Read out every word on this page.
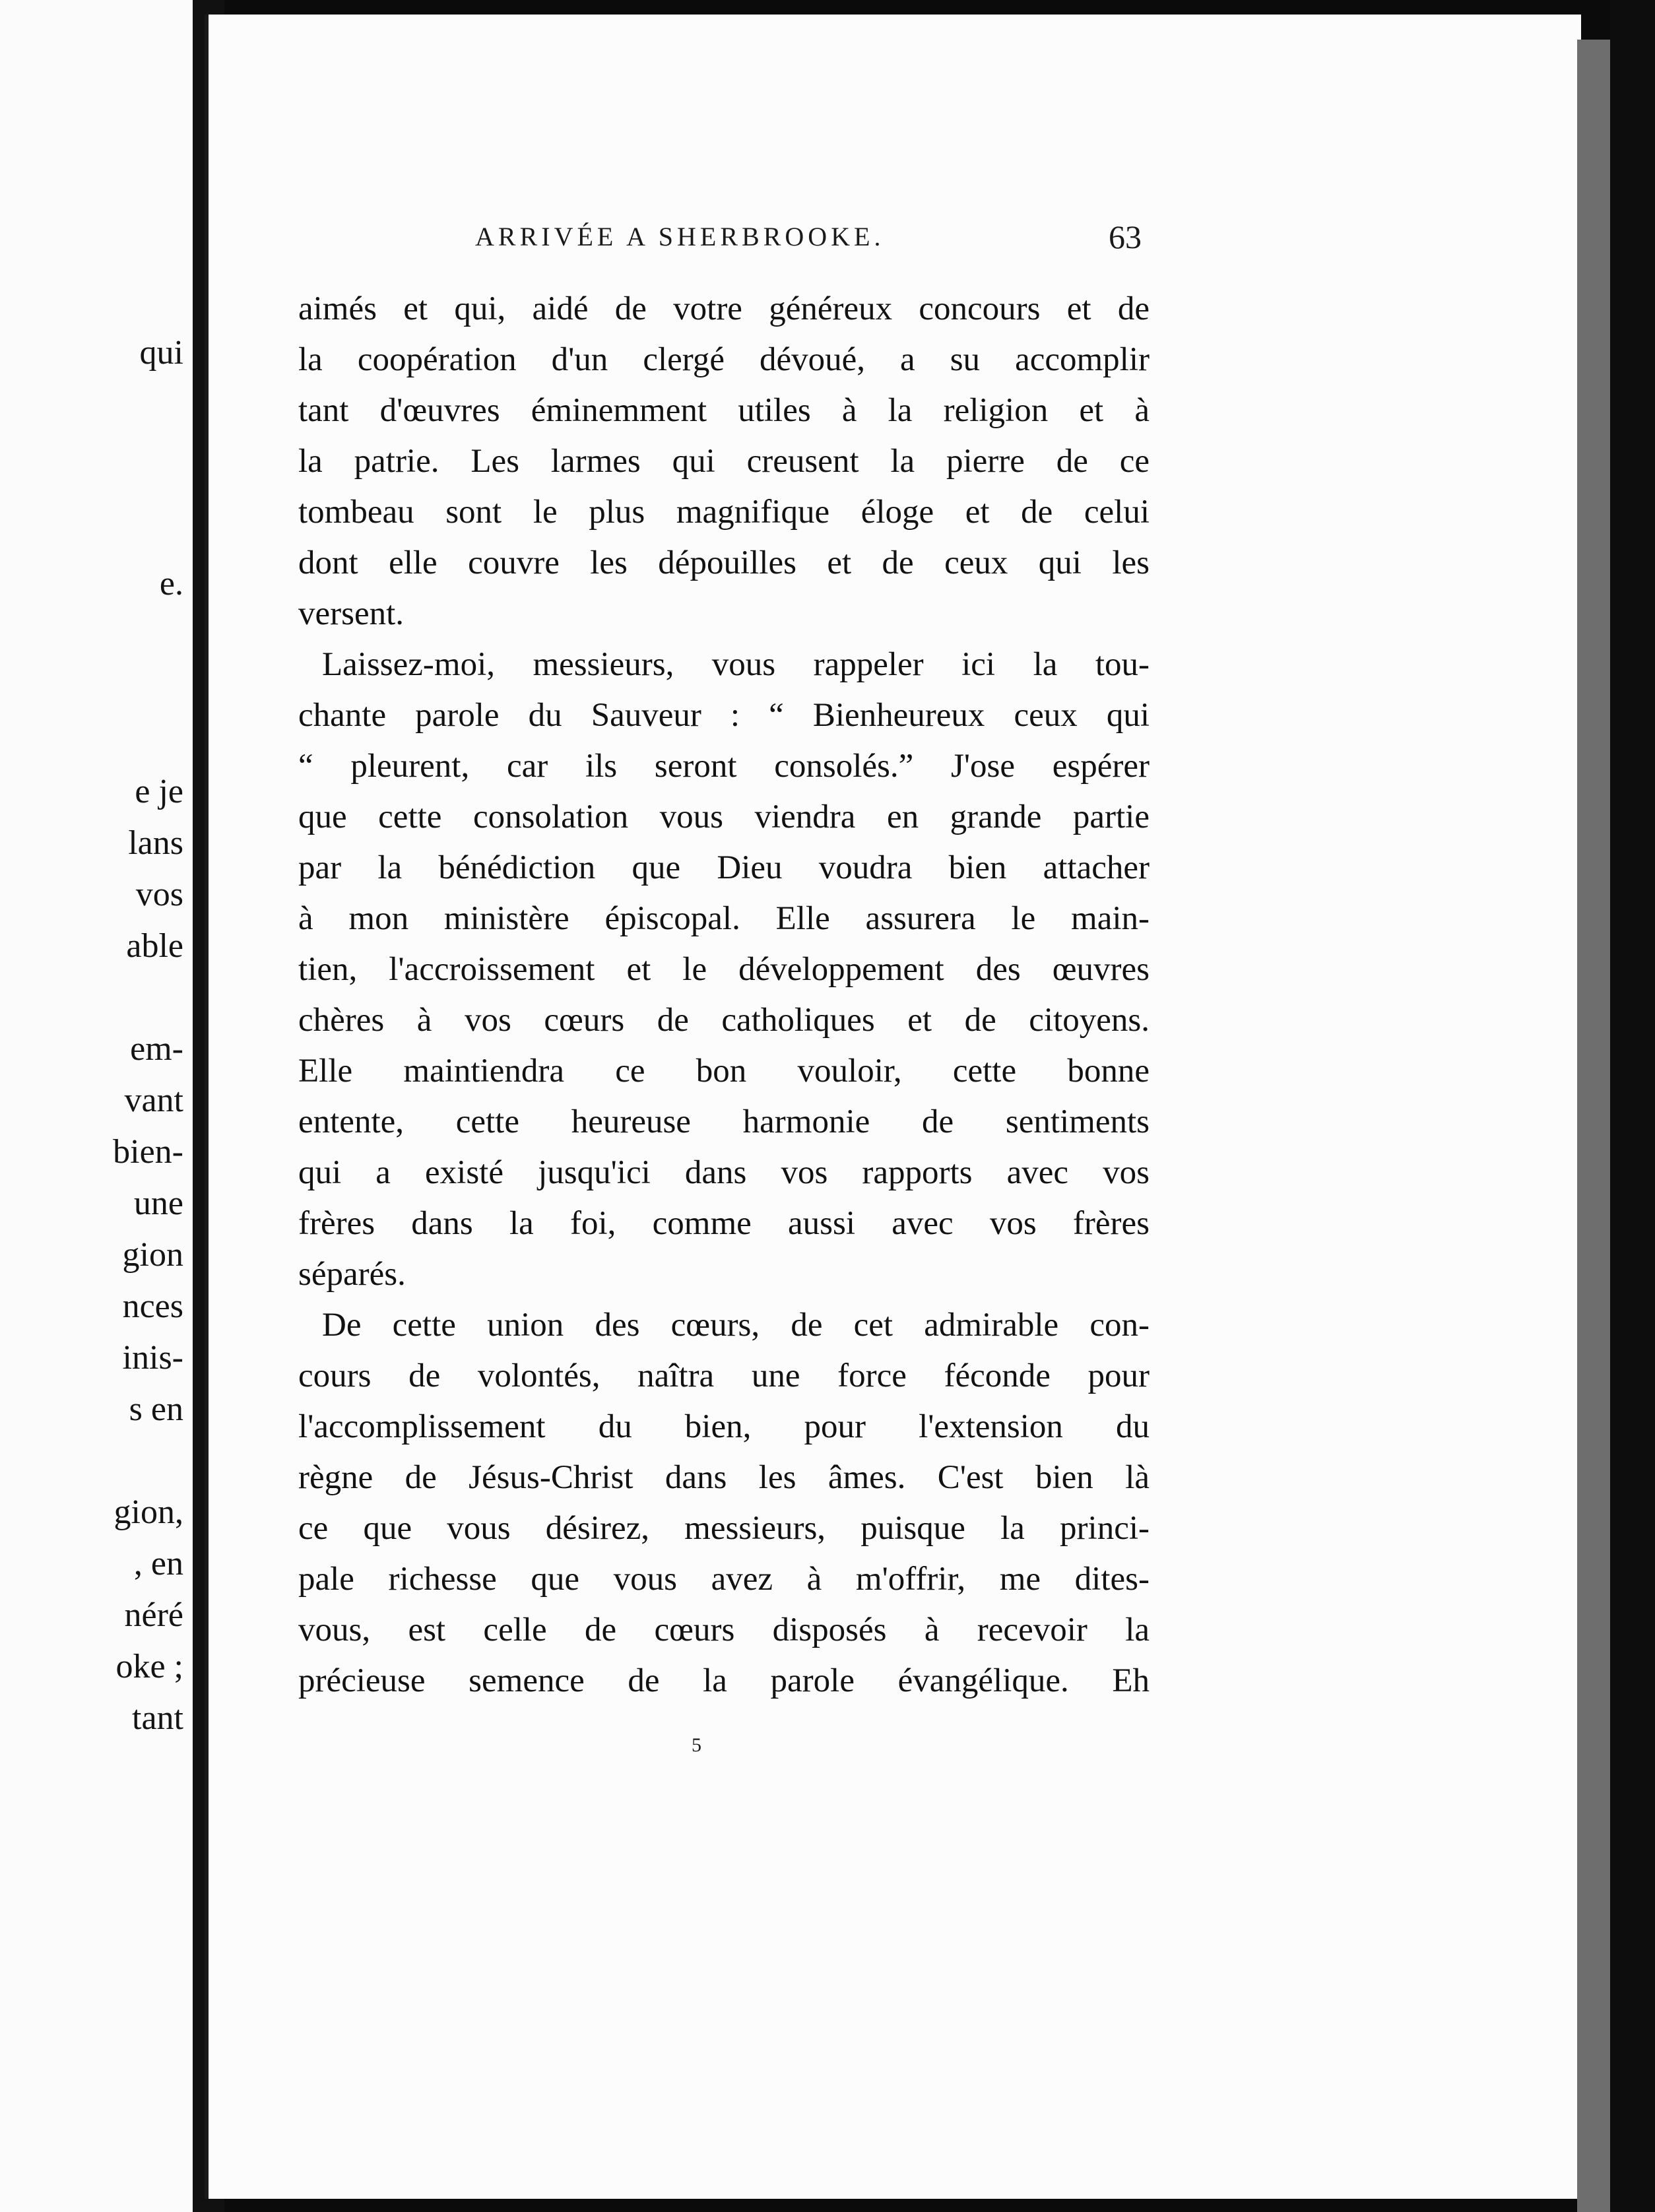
qui
e.
e je
lans
vos
able
em-
vant
bien-
une
gion
nces
inis-
s en
gion,
, en
néré
oke ;
tant
ARRIVÉE A SHERBROOKE.	63
aimés et qui, aidé de votre généreux concours et de
la coopération d'un clergé dévoué, a su accomplir
tant d'œuvres éminemment utiles à la religion et à
la patrie. Les larmes qui creusent la pierre de ce
tombeau sont le plus magnifique éloge et de celui
dont elle couvre les dépouilles et de ceux qui les
versent.
Laissez-moi, messieurs, vous rappeler ici la tou-
chante parole du Sauveur : “ Bienheureux ceux qui
“ pleurent, car ils seront consolés.” J'ose espérer
que cette consolation vous viendra en grande partie
par la bénédiction que Dieu voudra bien attacher
à mon ministère épiscopal. Elle assurera le main-
tien, l'accroissement et le développement des œuvres
chères à vos cœurs de catholiques et de citoyens.
Elle maintiendra ce bon vouloir, cette bonne
entente, cette heureuse harmonie de sentiments
qui a existé jusqu'ici dans vos rapports avec vos
frères dans la foi, comme aussi avec vos frères
séparés.
De cette union des cœurs, de cet admirable con-
cours de volontés, naîtra une force féconde pour
l'accomplissement du bien, pour l'extension du
règne de Jésus-Christ dans les âmes. C'est bien là
ce que vous désirez, messieurs, puisque la princi-
pale richesse que vous avez à m'offrir, me dites-
vous, est celle de cœurs disposés à recevoir la
précieuse semence de la parole évangélique. Eh
5
